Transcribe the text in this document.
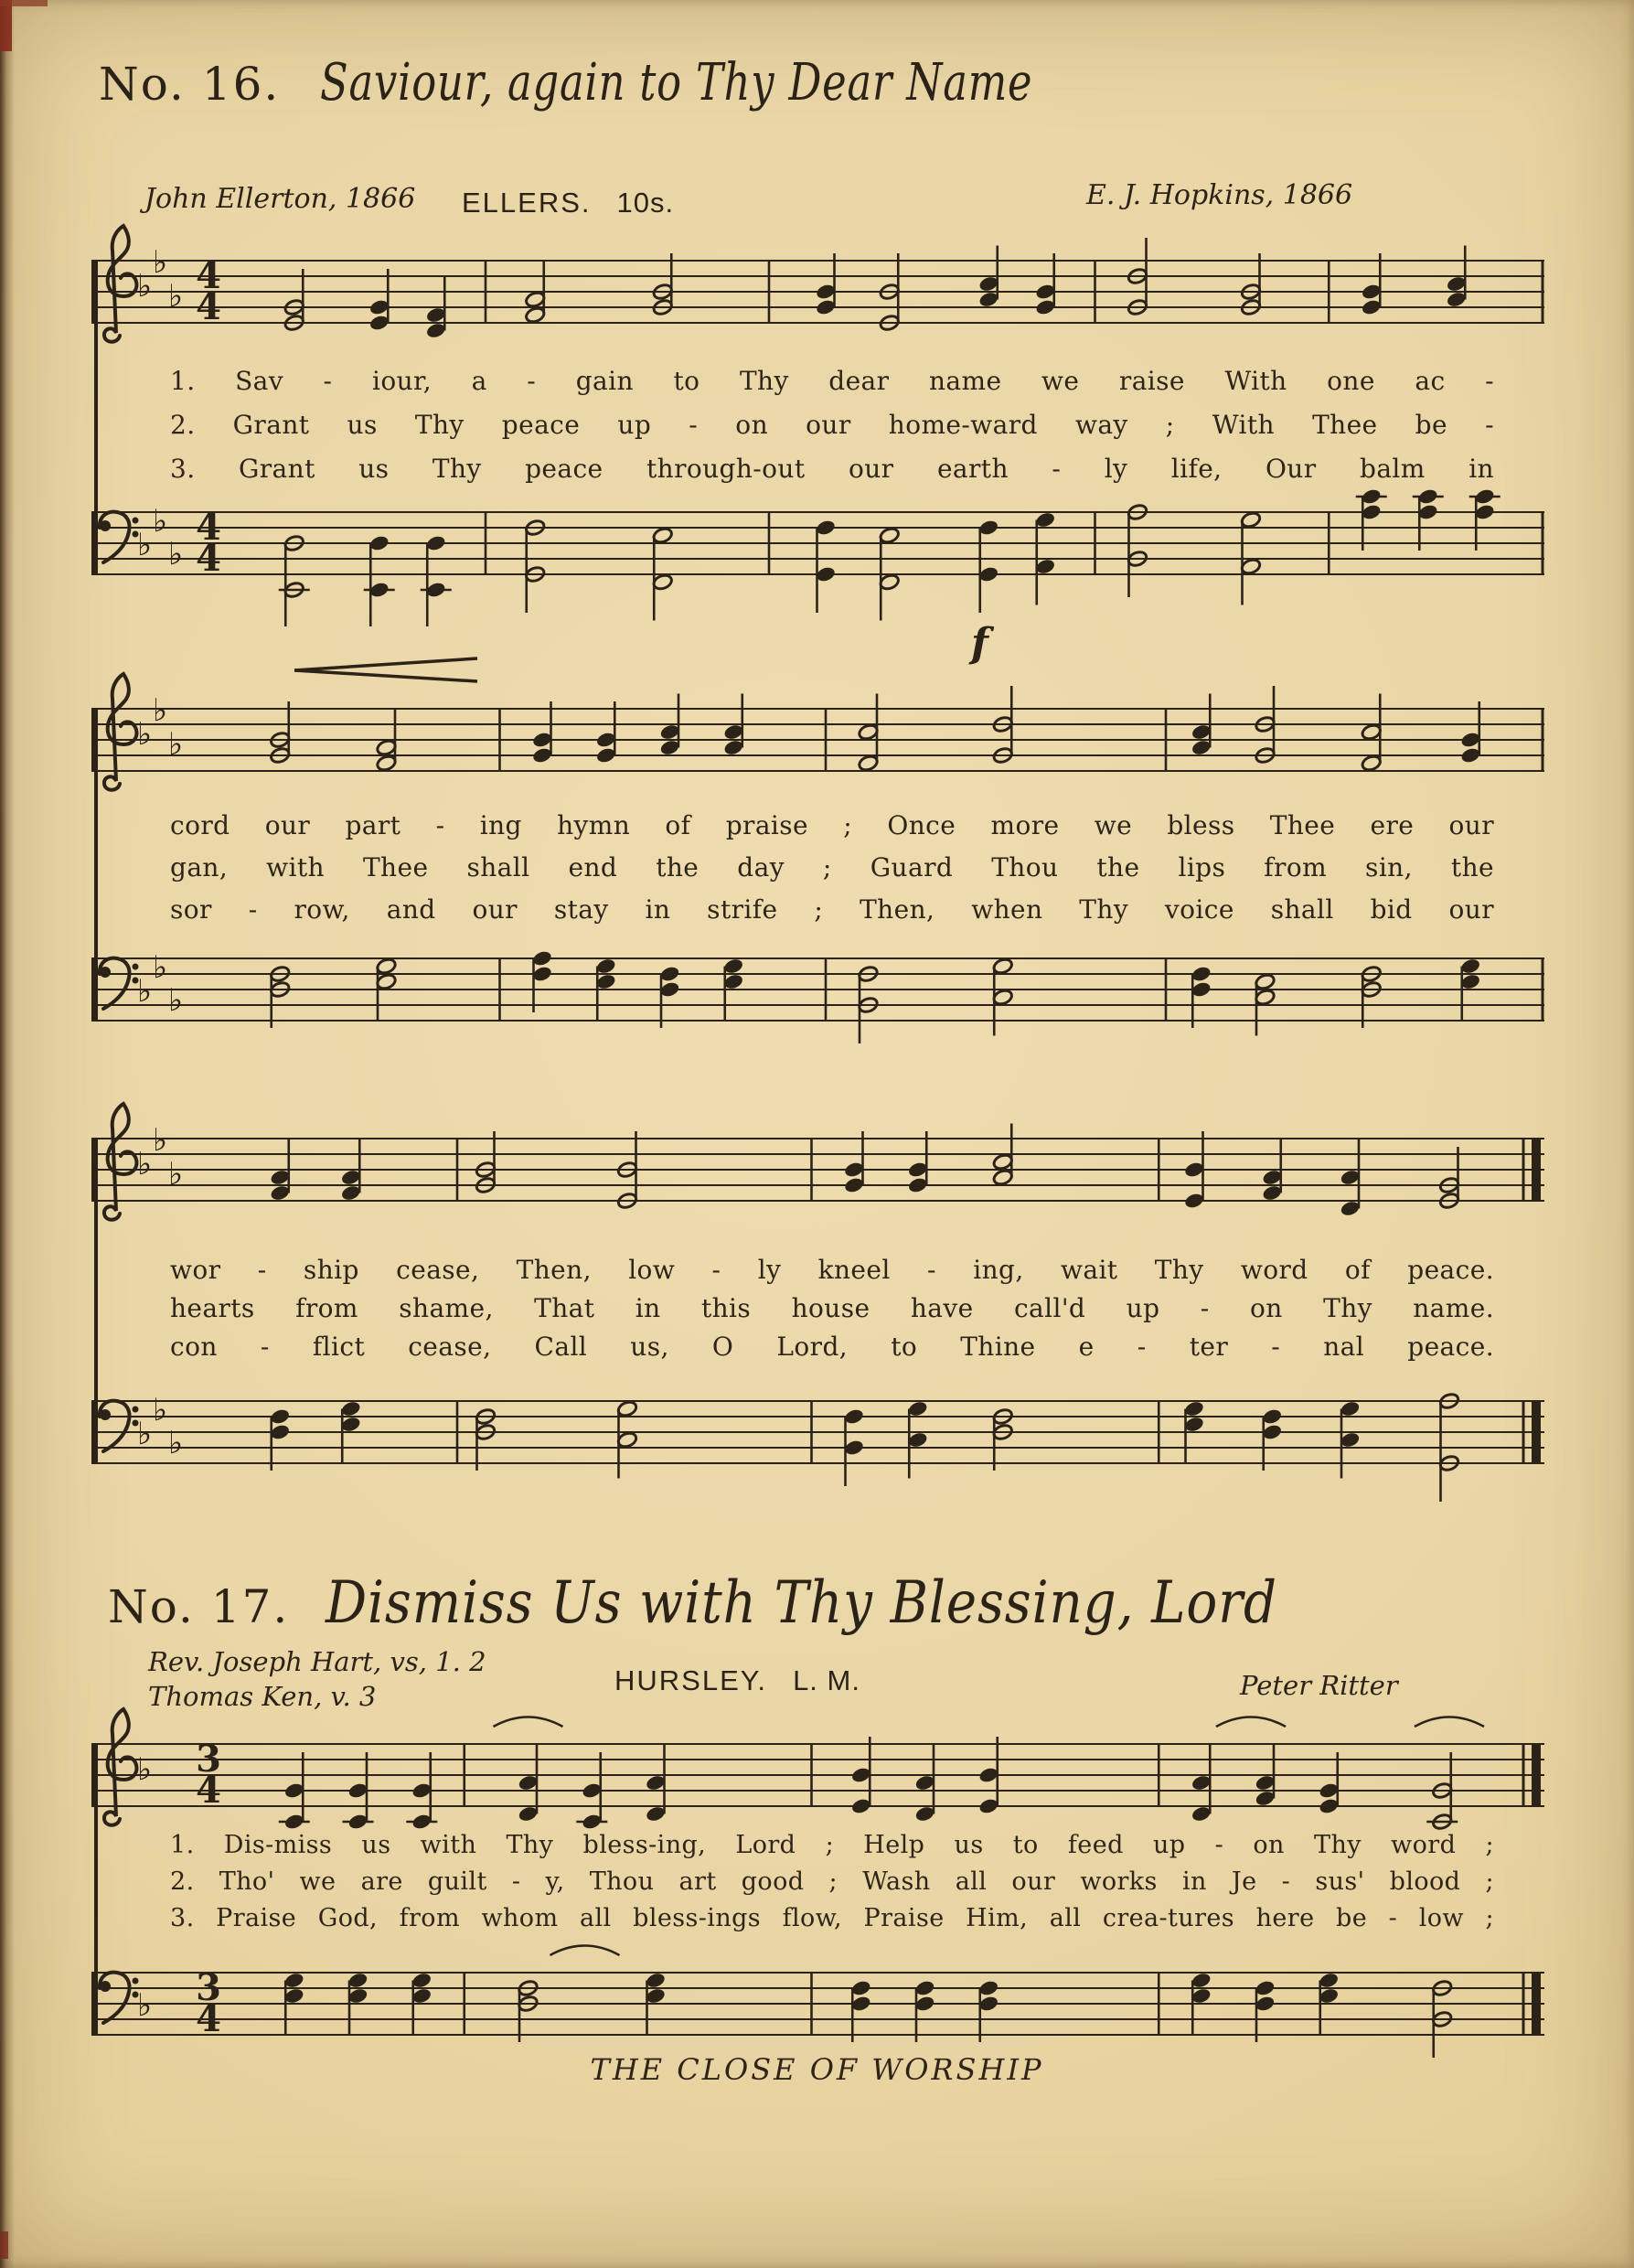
No. 16. Saviour, again to Thy Dear Name
John Ellerton, 1866 ELLERS. 10s.	E. J. Hopkins, 1866
♭
♭
♭ 4
4
1. Sav - iour, a - gain to Thy dear name we raise With one ac -
2. Grant us Thy peace up - on our home-ward way ; With Thee be -
3. Grant us Thy peace through-out our earth - ly life, Our balm in
♭
♭
♭
4
4
f
♭
♭
♭
cord our part - ing hymn of praise ; Once more we bless Thee ere our
gan, with Thee shall end the day ; Guard Thou the lips from sin, the
sor - row, and our stay in strife ; Then, when Thy voice shall bid our
♭
♭
♭
♭
♭
♭
wor - ship cease, Then, low - ly kneel - ing, wait Thy word of peace.
hearts from shame, That in this house have call'd up - on Thy name.
con - flict cease, Call us, O Lord, to Thine e - ter - nal peace.
♭
♭
♭
No. 17. Dismiss Us with Thy Blessing, Lord
Rev. Joseph Hart, vs, 1. 2
Thomas Ken, v. 3	HURSLEY. L. M.	Peter Ritter
♭ 3
4
1. Dis-miss us with Thy bless-ing, Lord ; Help us to feed up - on Thy word ;
2. Tho' we are guilt - y, Thou art good ; Wash all our works in Je - sus' blood ;
3. Praise God, from whom all bless-ings flow, Praise Him, all crea-tures here be - low ;
♭ 3
4
THE CLOSE OF WORSHIP
